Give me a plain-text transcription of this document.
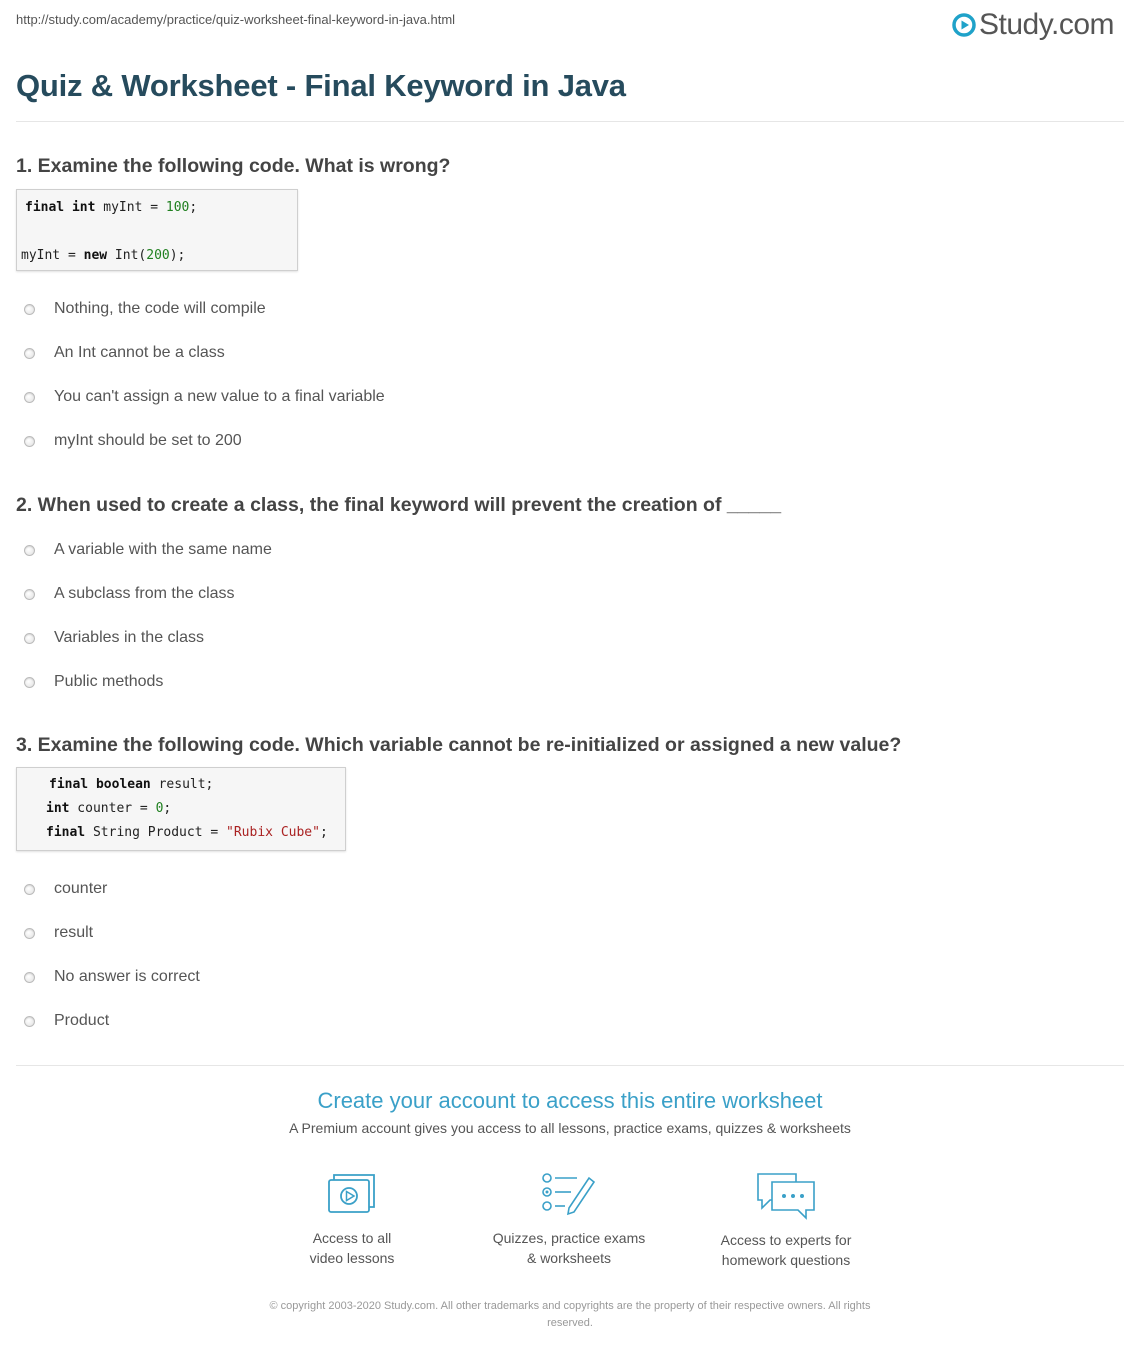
http://study.com/academy/practice/quiz-worksheet-final-keyword-in-java.html	Study.com
Quiz & Worksheet - Final Keyword in Java

1. Examine the following code. What is wrong?

final int myInt = 100;
myInt = new Int(200);
Nothing, the code will compile
An Int cannot be a class
You can't assign a new value to a final variable
myInt should be set to 200

2. When used to create a class, the final keyword will prevent the creation of _____

A variable with the same name
A subclass from the class
Variables in the class
Public methods

3. Examine the following code. Which variable cannot be re-initialized or assigned a new value?

final boolean result;
int counter = 0;
final String Product = "Rubix Cube";
counter
result
No answer is correct
Product
Create your account to access this entire worksheet
A Premium account gives you access to all lessons, practice exams, quizzes & worksheets
Access to all
video lessons
Quizzes, practice exams
& worksheets
Access to experts for
homework questions
© copyright 2003-2020 Study.com. All other trademarks and copyrights are the property of their respective owners. All rights
reserved.
